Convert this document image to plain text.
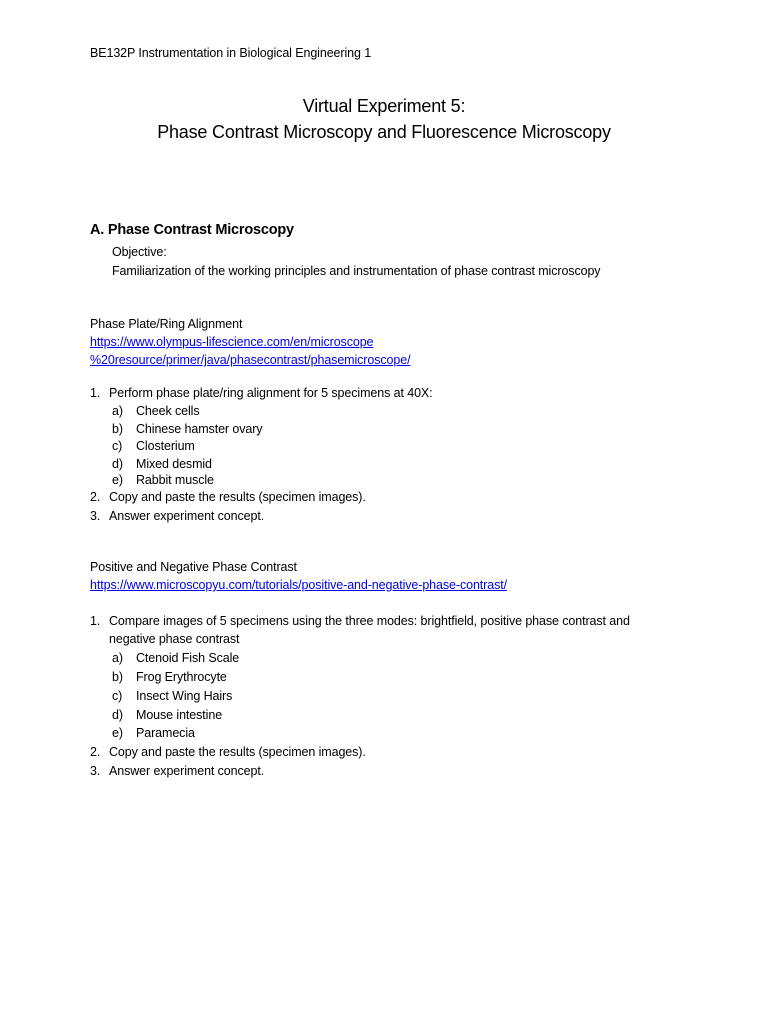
BE132P Instrumentation in Biological Engineering 1
Virtual Experiment 5:
Phase Contrast Microscopy and Fluorescence Microscopy
A. Phase Contrast Microscopy
Objective:
Familiarization of the working principles and instrumentation of phase contrast microscopy
Phase Plate/Ring Alignment
https://www.olympus-lifescience.com/en/microscope
%20resource/primer/java/phasecontrast/phasemicroscope/
1. Perform phase plate/ring alignment for 5 specimens at 40X:
a) Cheek cells
b) Chinese hamster ovary
c) Closterium
d) Mixed desmid
e) Rabbit muscle
2. Copy and paste the results (specimen images).
3. Answer experiment concept.
Positive and Negative Phase Contrast
https://www.microscopyu.com/tutorials/positive-and-negative-phase-contrast/
1. Compare images of 5 specimens using the three modes: brightfield, positive phase contrast and
negative phase contrast
a) Ctenoid Fish Scale
b) Frog Erythrocyte
c) Insect Wing Hairs
d) Mouse intestine
e) Paramecia
2. Copy and paste the results (specimen images).
3. Answer experiment concept.
